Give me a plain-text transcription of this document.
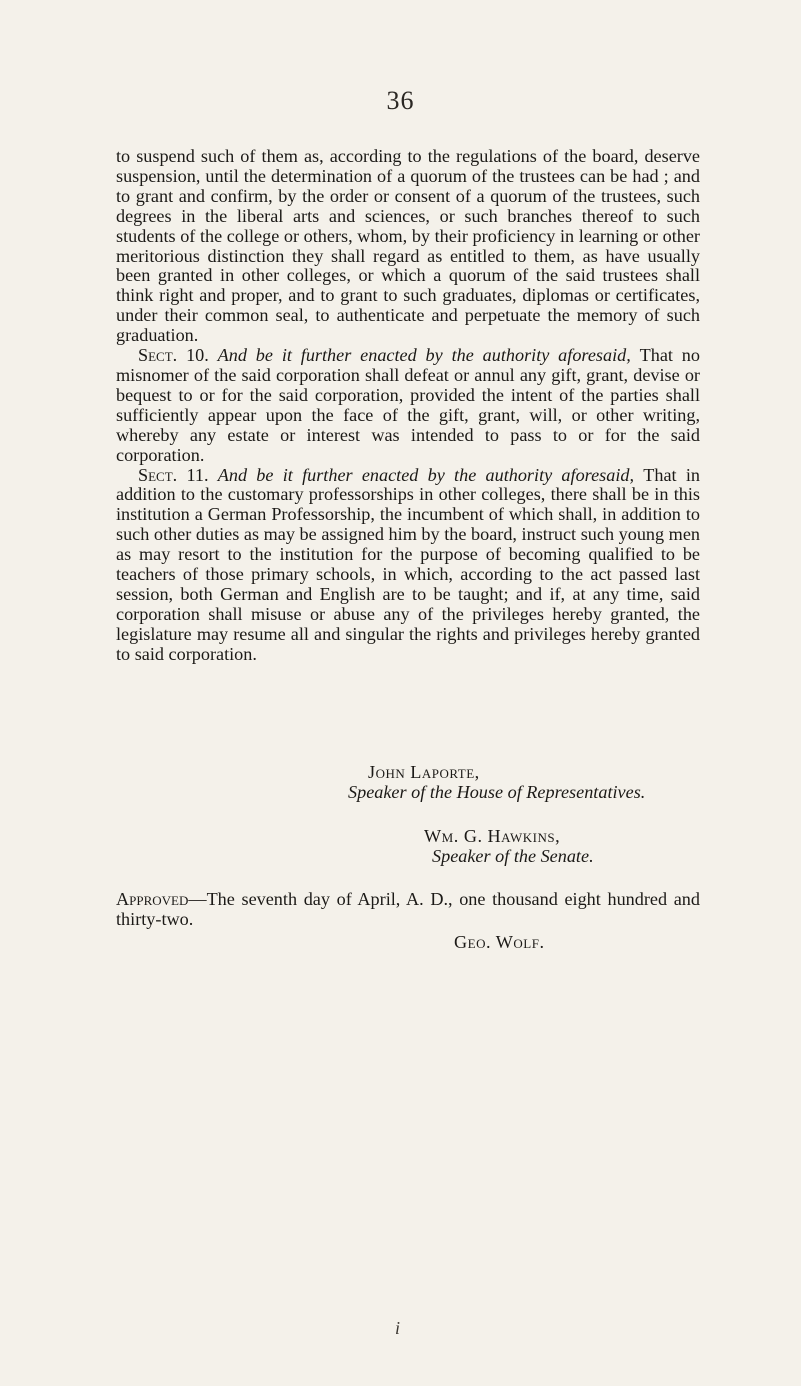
36

to suspend such of them as, according to the regulations of the board, deserve suspension, until the determination of a quorum of the trustees can be had ; and to grant and confirm, by the order or consent of a quorum of the trustees, such degrees in the liberal arts and sciences, or such branches thereof to such students of the college or others, whom, by their proficiency in learning or other meritorious distinction they shall regard as entitled to them, as have usually been granted in other colleges, or which a quorum of the said trustees shall think right and proper, and to grant to such graduates, diplomas or certificates, under their common seal, to authenticate and perpetuate the memory of such graduation.

Sect. 10. And be it further enacted by the authority aforesaid, That no misnomer of the said corporation shall defeat or annul any gift, grant, devise or bequest to or for the said corporation, provided the intent of the parties shall sufficiently appear upon the face of the gift, grant, will, or other writing, whereby any estate or interest was intended to pass to or for the said corporation.

Sect. 11. And be it further enacted by the authority aforesaid, That in addition to the customary professorships in other colleges, there shall be in this institution a German Professorship, the incumbent of which shall, in addition to such other duties as may be assigned him by the board, instruct such young men as may resort to the institution for the purpose of becoming qualified to be teachers of those primary schools, in which, according to the act passed last session, both German and English are to be taught; and if, at any time, said corporation shall misuse or abuse any of the privileges hereby granted, the legislature may resume all and singular the rights and privileges hereby granted to said corporation.

John Laporte,
Speaker of the House of Representatives.
Wm. G. Hawkins,
Speaker of the Senate.
Approved—The seventh day of April, A. D., one thousand eight hundred and thirty-two.
Geo. Wolf.
i
